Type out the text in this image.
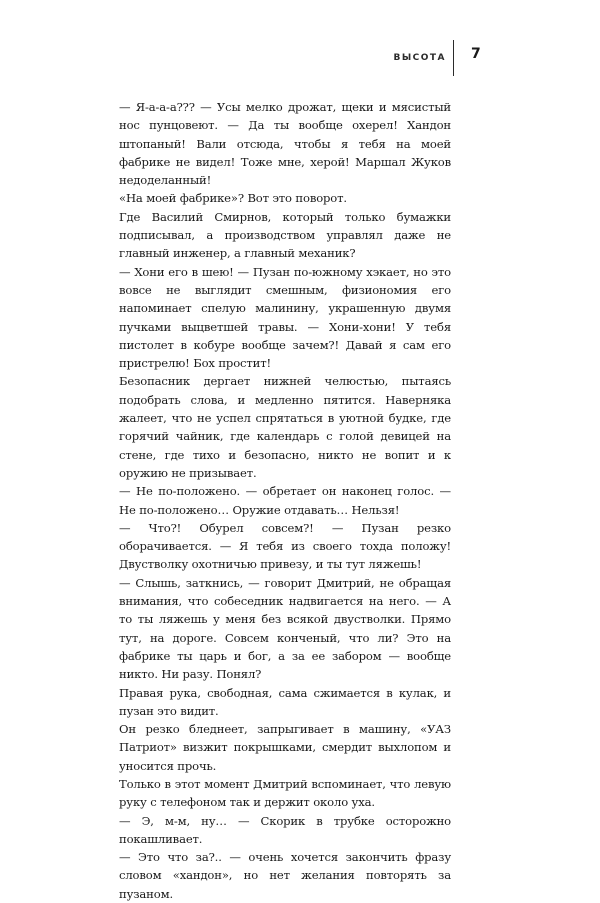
ВЫСОТА 7

— Я-а-а-а??? — Усы мелко дрожат, щеки и мясистый нос пунцовеют. — Да ты вообще охерел! Хандон штопаный! Вали отсюда, чтобы я тебя на моей фабрике не видел! Тоже мне, херой! Маршал Жуков недоделанный!

«На моей фабрике»? Вот это поворот.

Где Василий Смирнов, который только бумажки подписывал, а производством управлял даже не главный инженер, а главный механик?

— Хони его в шею! — Пузан по-южному хэкает, но это вовсе не выглядит смешным, физиономия его напоминает спелую малинину, украшенную двумя пучками выцветшей травы. — Хони-хони! У тебя пистолет в кобуре вообще зачем?! Давай я сам его пристрелю! Бох простит!

Безопасник дергает нижней челюстью, пытаясь подобрать слова, и медленно пятится. Наверняка жалеет, что не успел спрятаться в уютной будке, где горячий чайник, где календарь с голой девицей на стене, где тихо и безопасно, никто не вопит и к оружию не призывает.

— Не по-положено. — обретает он наконец голос. — Не по-положено… Оружие отдавать… Нельзя!

— Что?! Обурел совсем?! — Пузан резко оборачивается. — Я тебя из своего тохда положу! Двустволку охотничью привезу, и ты тут ляжешь!

— Слышь, заткнись, — говорит Дмитрий, не обращая внимания, что собеседник надвигается на него. — А то ты ляжешь у меня без всякой двустволки. Прямо тут, на дороге. Совсем конченый, что ли? Это на фабрике ты царь и бог, а за ее забором — вообще никто. Ни разу. Понял?

Правая рука, свободная, сама сжимается в кулак, и пузан это видит.

Он резко бледнеет, запрыгивает в машину, «УАЗ Патриот» визжит покрышками, смердит выхлопом и уносится прочь.

Только в этот момент Дмитрий вспоминает, что левую руку с телефоном так и держит около уха.

— Э, м-м, ну… — Скорик в трубке осторожно покашливает.

— Это что за?.. — очень хочется закончить фразу словом «хандон», но нет желания повторять за пузаном.
